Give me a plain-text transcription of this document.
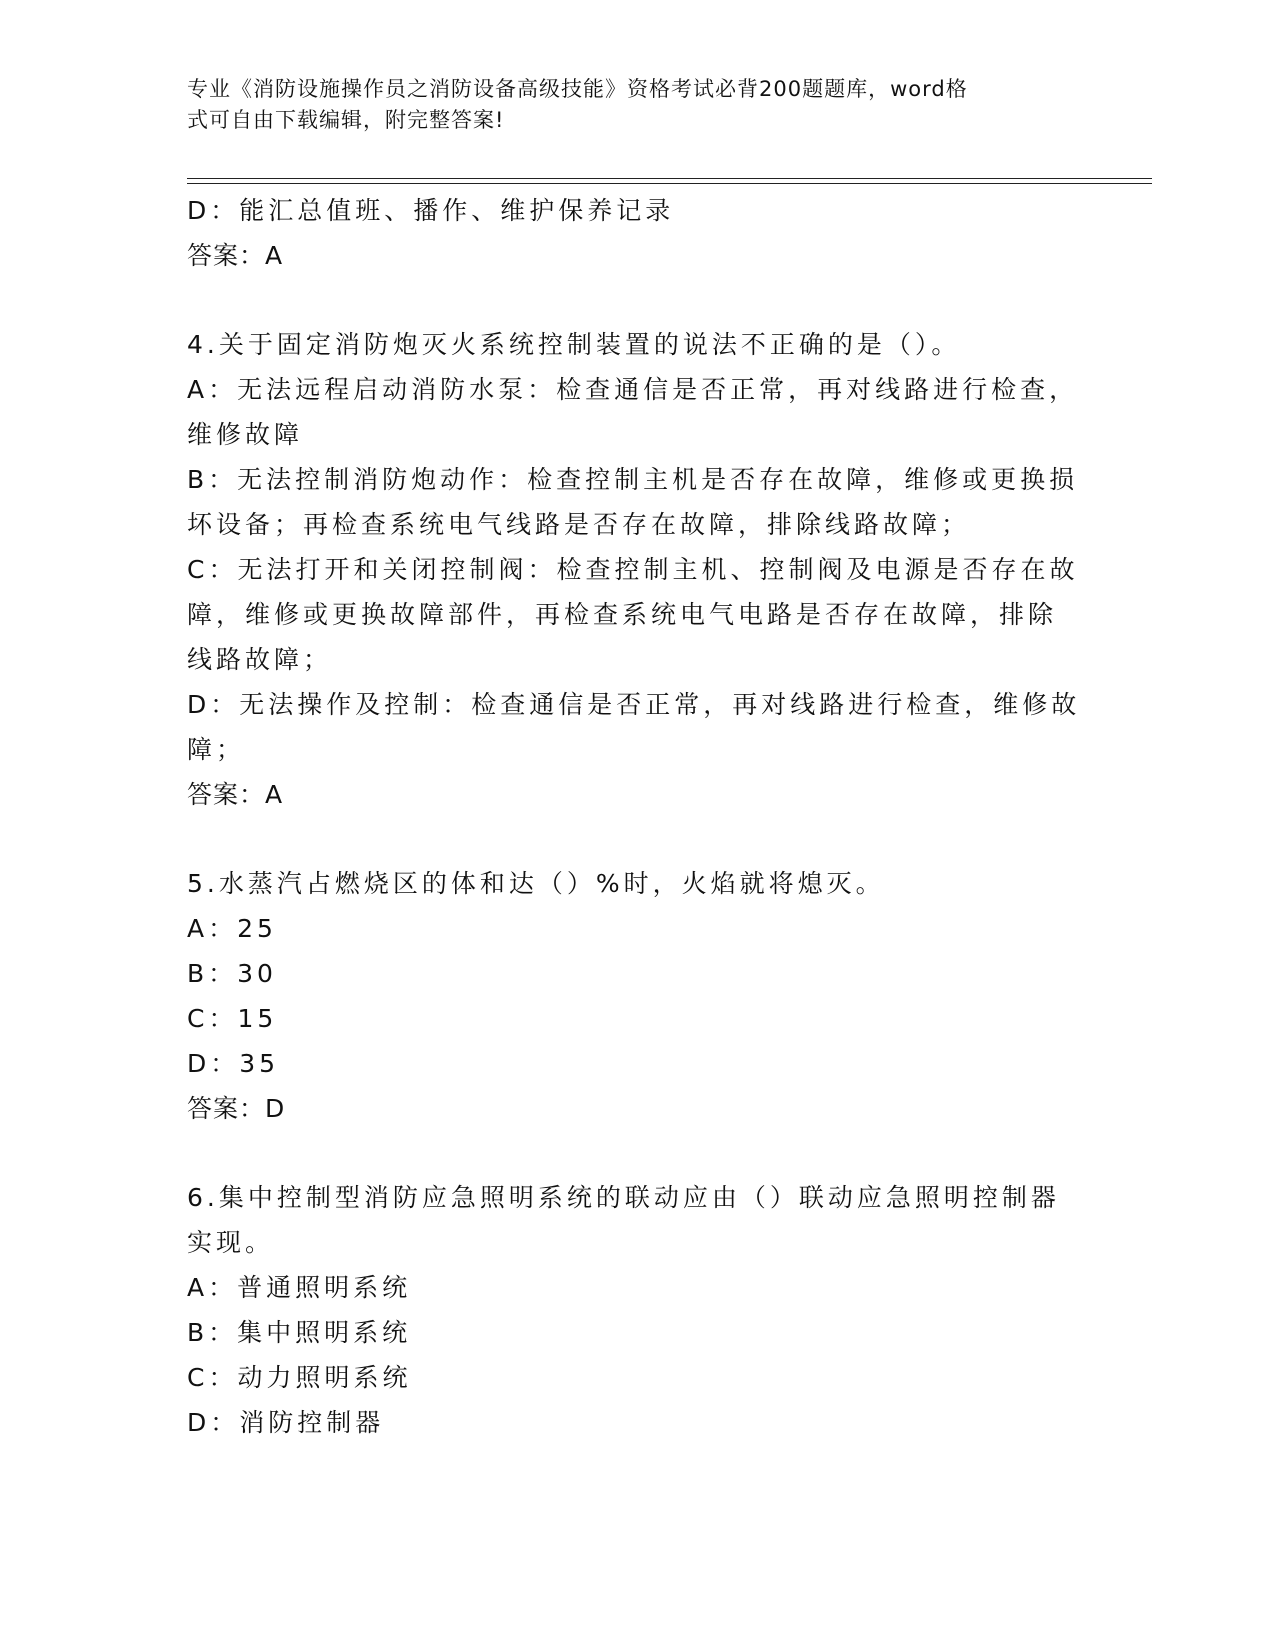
专业《消防设施操作员之消防设备高级技能》资格考试必背200题题库，word格
式可自由下载编辑，附完整答案!
D：能汇总值班、播作、维护保养记录
答案：A
4.关于固定消防炮灭火系统控制装置的说法不正确的是（）。
A：无法远程启动消防水泵：检查通信是否正常，再对线路进行检查，
维修故障
B：无法控制消防炮动作：检查控制主机是否存在故障，维修或更换损
坏设备；再检查系统电气线路是否存在故障，排除线路故障；
C：无法打开和关闭控制阀：检查控制主机、控制阀及电源是否存在故
障，维修或更换故障部件，再检查系统电气电路是否存在故障，排除
线路故障；
D：无法操作及控制：检查通信是否正常，再对线路进行检查，维修故
障；
答案：A
5.水蒸汽占燃烧区的体和达（）%时，火焰就将熄灭。
A：25
B：30
C：15
D：35
答案：D
6.集中控制型消防应急照明系统的联动应由（）联动应急照明控制器
实现。
A：普通照明系统
B：集中照明系统
C：动力照明系统
D：消防控制器
